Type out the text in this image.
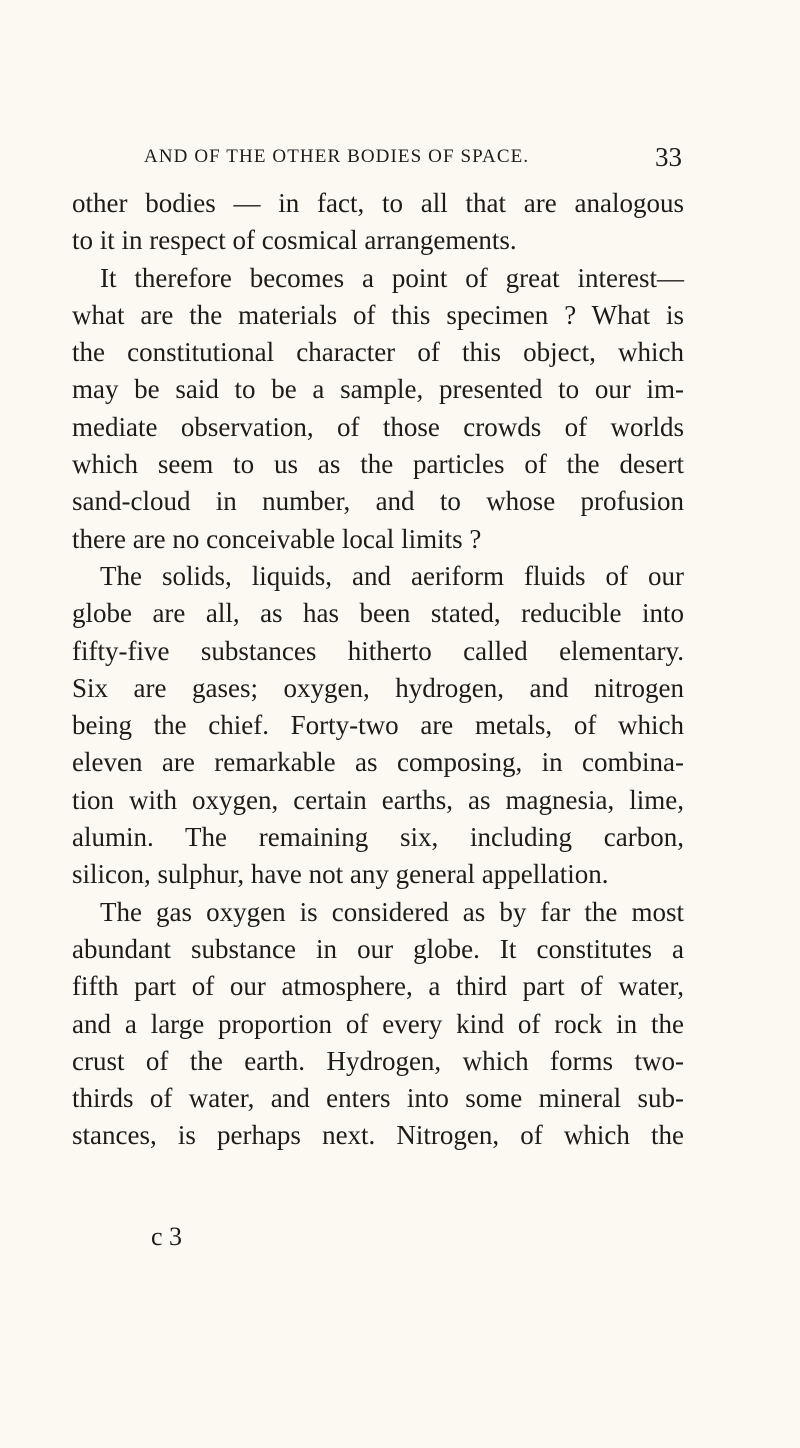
AND OF THE OTHER BODIES OF SPACE.	33
other bodies — in fact, to all that are analogous
to it in respect of cosmical arrangements.
It therefore becomes a point of great interest—
what are the materials of this specimen ? What is
the constitutional character of this object, which
may be said to be a sample, presented to our im-
mediate observation, of those crowds of worlds
which seem to us as the particles of the desert
sand-cloud in number, and to whose profusion
there are no conceivable local limits ?
The solids, liquids, and aeriform fluids of our
globe are all, as has been stated, reducible into
fifty-five substances hitherto called elementary.
Six are gases; oxygen, hydrogen, and nitrogen
being the chief. Forty-two are metals, of which
eleven are remarkable as composing, in combina-
tion with oxygen, certain earths, as magnesia, lime,
alumin. The remaining six, including carbon,
silicon, sulphur, have not any general appellation.
The gas oxygen is considered as by far the most
abundant substance in our globe. It constitutes a
fifth part of our atmosphere, a third part of water,
and a large proportion of every kind of rock in the
crust of the earth. Hydrogen, which forms two-
thirds of water, and enters into some mineral sub-
stances, is perhaps next. Nitrogen, of which the
c 3
